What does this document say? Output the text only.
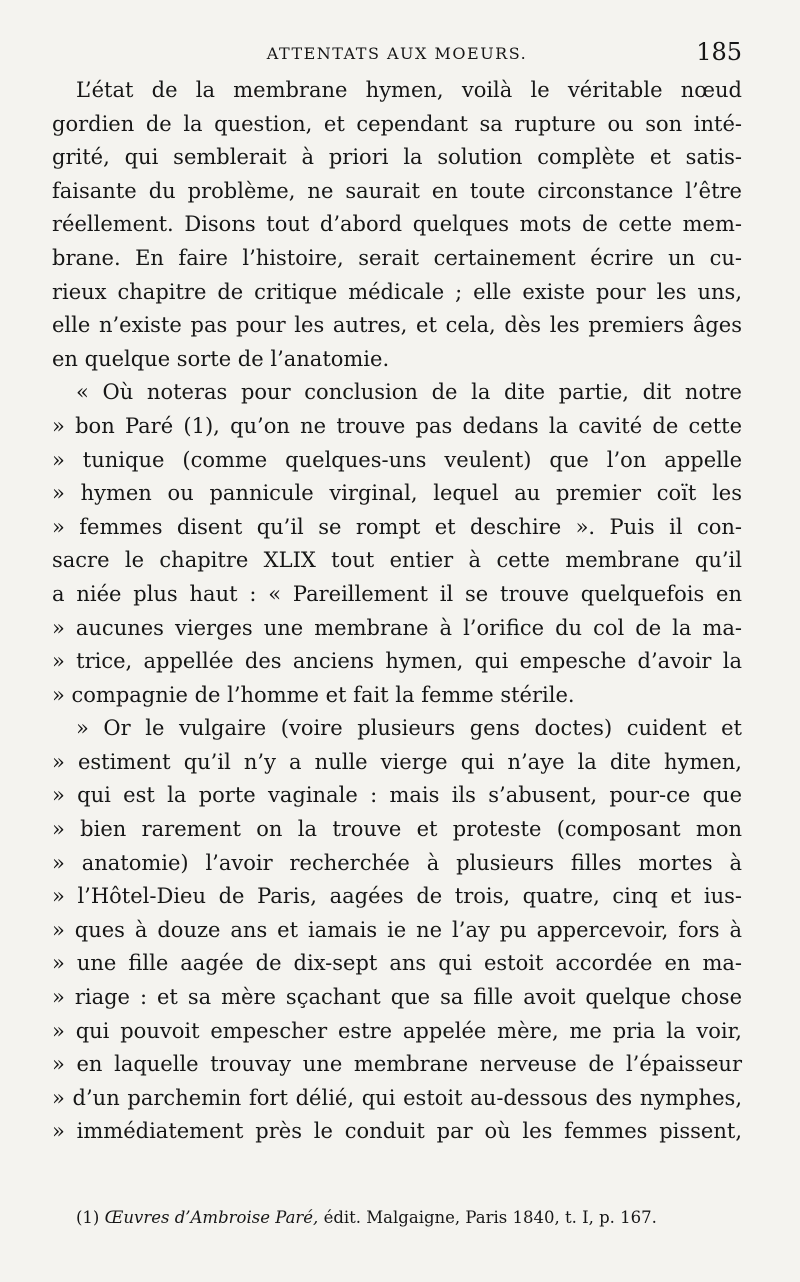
ATTENTATS AUX MOEURS.	185
L’état de la membrane hymen, voilà le véritable nœud
gordien de la question, et cependant sa rupture ou son inté-
grité, qui semblerait à priori la solution complète et satis-
faisante du problème, ne saurait en toute circonstance l’être
réellement. Disons tout d’abord quelques mots de cette mem-
brane. En faire l’histoire, serait certainement écrire un cu-
rieux chapitre de critique médicale ; elle existe pour les uns,
elle n’existe pas pour les autres, et cela, dès les premiers âges
en quelque sorte de l’anatomie.
« Où noteras pour conclusion de la dite partie, dit notre
» bon Paré (1), qu’on ne trouve pas dedans la cavité de cette
» tunique (comme quelques-uns veulent) que l’on appelle
» hymen ou pannicule virginal, lequel au premier coït les
» femmes disent qu’il se rompt et deschire ». Puis il con-
sacre le chapitre XLIX tout entier à cette membrane qu’il
a niée plus haut : « Pareillement il se trouve quelquefois en
» aucunes vierges une membrane à l’orifice du col de la ma-
» trice, appellée des anciens hymen, qui empesche d’avoir la
» compagnie de l’homme et fait la femme stérile.
» Or le vulgaire (voire plusieurs gens doctes) cuident et
» estiment qu’il n’y a nulle vierge qui n’aye la dite hymen,
» qui est la porte vaginale : mais ils s’abusent, pour-ce que
» bien rarement on la trouve et proteste (composant mon
» anatomie) l’avoir recherchée à plusieurs filles mortes à
» l’Hôtel-Dieu de Paris, aagées de trois, quatre, cinq et ius-
» ques à douze ans et iamais ie ne l’ay pu appercevoir, fors à
» une fille aagée de dix-sept ans qui estoit accordée en ma-
» riage : et sa mère sçachant que sa fille avoit quelque chose
» qui pouvoit empescher estre appelée mère, me pria la voir,
» en laquelle trouvay une membrane nerveuse de l’épaisseur
» d’un parchemin fort délié, qui estoit au-dessous des nymphes,
» immédiatement près le conduit par où les femmes pissent,
(1) Œuvres d’Ambroise Paré, édit. Malgaigne, Paris 1840, t. I, p. 167.
